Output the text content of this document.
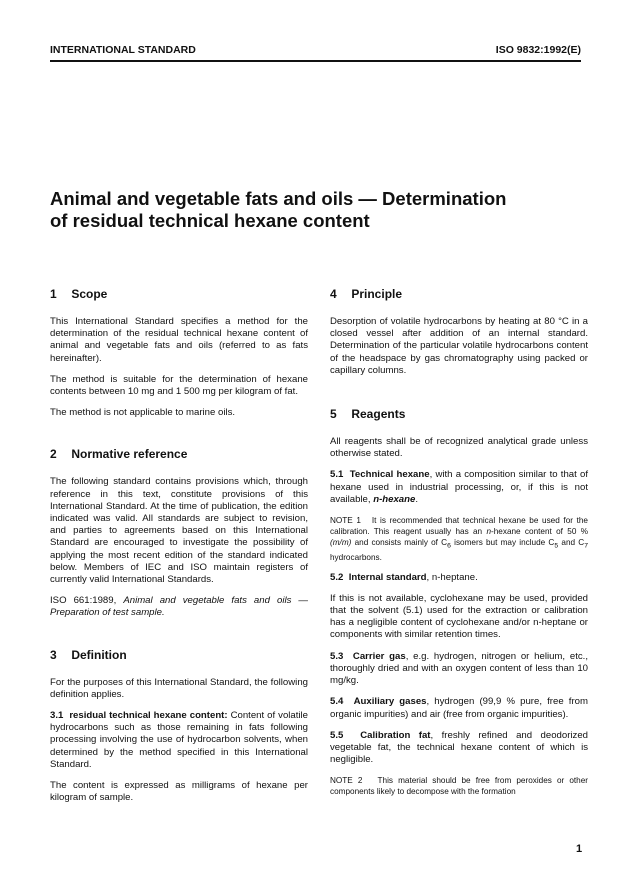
INTERNATIONAL STANDARD	ISO 9832:1992(E)
Animal and vegetable fats and oils — Determination
of residual technical hexane content
1 Scope

This International Standard specifies a method for the determination of the residual technical hexane content of animal and vegetable fats and oils (referred to as fats hereinafter).

The method is suitable for the determination of hexane contents between 10 mg and 1 500 mg per kilogram of fat.

The method is not applicable to marine oils.

2 Normative reference

The following standard contains provisions which, through reference in this text, constitute provisions of this International Standard. At the time of publication, the edition indicated was valid. All standards are subject to revision, and parties to agreements based on this International Standard are encouraged to investigate the possibility of applying the most recent edition of the standard indicated below. Members of IEC and ISO maintain registers of currently valid International Standards.

ISO 661:1989, Animal and vegetable fats and oils — Preparation of test sample.

3 Definition

For the purposes of this International Standard, the following definition applies.

3.1 residual technical hexane content: Content of volatile hydrocarbons such as those remaining in fats following processing involving the use of hydrocarbon solvents, when determined by the method specified in this International Standard.

The content is expressed as milligrams of hexane per kilogram of sample.

4 Principle

Desorption of volatile hydrocarbons by heating at 80 °C in a closed vessel after addition of an internal standard. Determination of the particular volatile hydrocarbons content of the headspace by gas chromatography using packed or capillary columns.

5 Reagents

All reagents shall be of recognized analytical grade unless otherwise stated.

5.1 Technical hexane, with a composition similar to that of hexane used in industrial processing, or, if this is not available, n-hexane.

NOTE 1 It is recommended that technical hexane be used for the calibration. This reagent usually has an n-hexane content of 50 % (m/m) and consists mainly of $C_6$ isomers but may include $C_5$ and $C_7$ hydrocarbons.

5.2 Internal standard, n-heptane.

If this is not available, cyclohexane may be used, provided that the solvent (5.1) used for the extraction or calibration has a negligible content of cyclohexane and/or n-heptane or components with similar retention times.

5.3 Carrier gas, e.g. hydrogen, nitrogen or helium, etc., thoroughly dried and with an oxygen content of less than 10 mg/kg.

5.4 Auxiliary gases, hydrogen (99,9 % pure, free from organic impurities) and air (free from organic impurities).

5.5 Calibration fat, freshly refined and deodorized vegetable fat, the technical hexane content of which is negligible.

NOTE 2 This material should be free from peroxides or other components likely to decompose with the formation

1
